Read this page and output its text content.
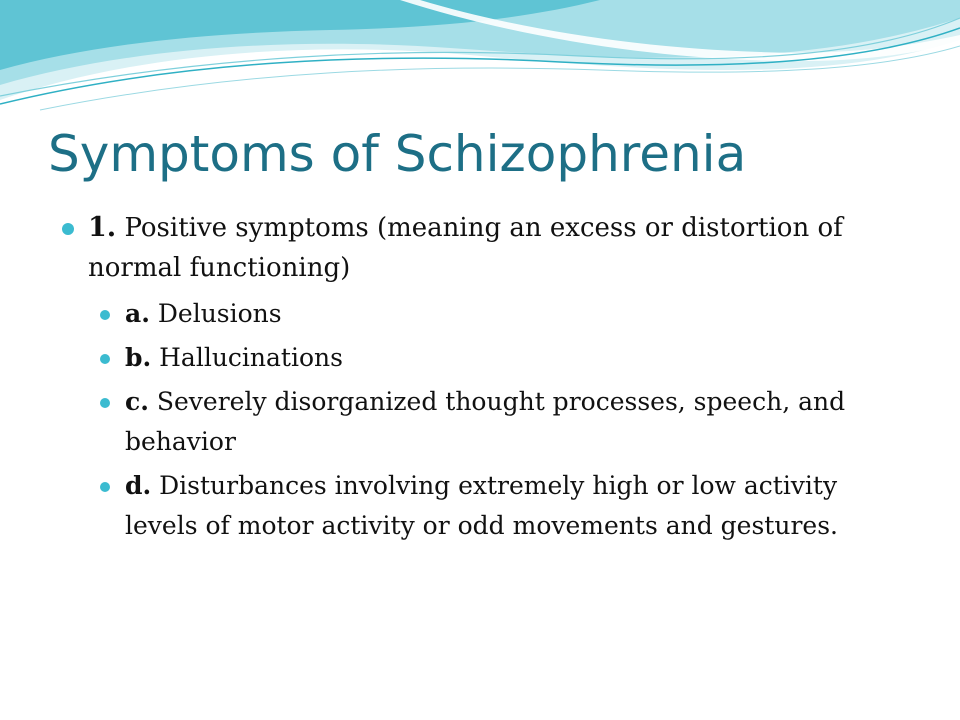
Symptoms of Schizophrenia
1. Positive symptoms (meaning an excess or distortion of normal functioning)
a. Delusions
b. Hallucinations
c. Severely disorganized thought processes, speech, and behavior
d. Disturbances involving extremely high or low activity levels of motor activity or odd movements and gestures.
